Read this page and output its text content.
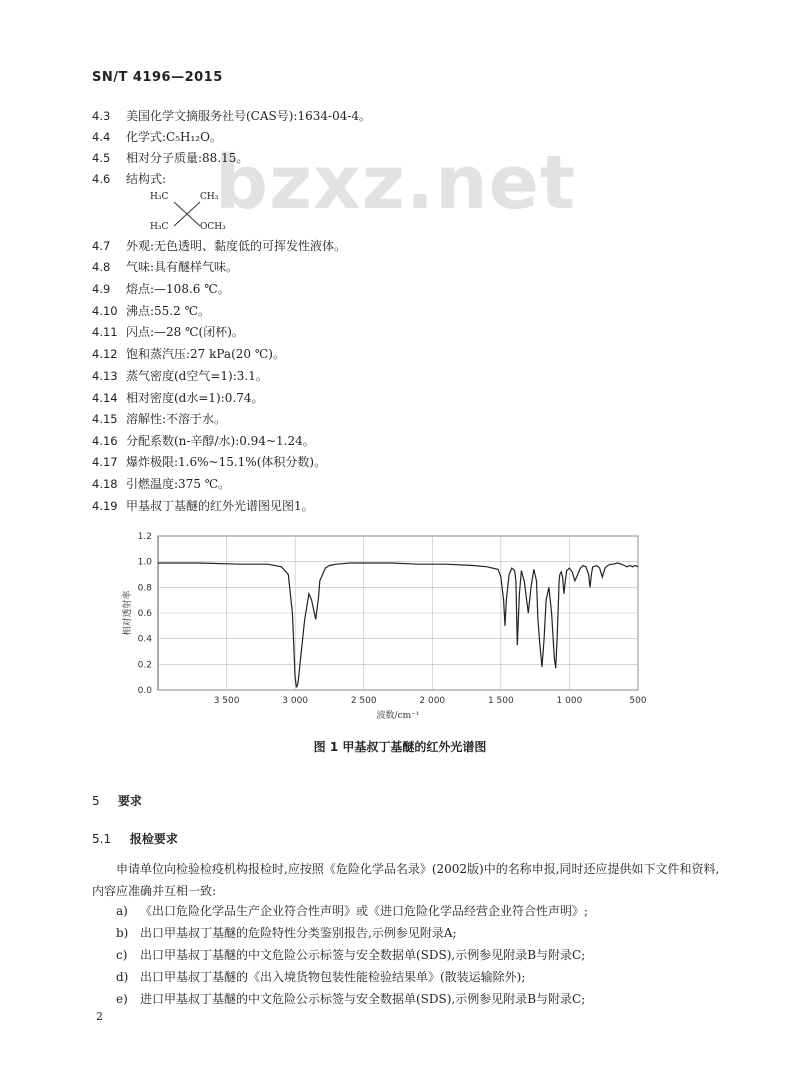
SN/T 4196—2015
bzxz.net
4.3 美国化学文摘服务社号(CAS号):1634-04-4。
4.4 化学式:C₅H₁₂O。
4.5 相对分子质量:88.15。
4.6 结构式:
4.7 外观:无色透明、黏度低的可挥发性液体。
4.8 气味:具有醚样气味。
4.9 熔点:—108.6 ℃。
4.10 沸点:55.2 ℃。
4.11 闪点:—28 ℃(闭杯)。
4.12 饱和蒸汽压:27 kPa(20 ℃)。
4.13 蒸气密度(d空气=1):3.1。
4.14 相对密度(d水=1):0.74。
4.15 溶解性:不溶于水。
4.16 分配系数(n-辛醇/水):0.94~1.24。
4.17 爆炸极限:1.6%~15.1%(体积分数)。
4.18 引燃温度:375 ℃。
4.19 甲基叔丁基醚的红外光谱图见图1。
H₃C	CH₃
H₃C	OCH₃
0.0
0.2
0.4
0.6
0.8
1.0
1.2
3 500	3 000	2 500	2 000	1 500	1 000	500
波数/cm⁻¹
相对透射率
图 1 甲基叔丁基醚的红外光谱图
5 要求
5.1 报检要求
申请单位向检验检疫机构报检时,应按照《危险化学品名录》(2002版)中的名称申报,同时还应提供如下文件和资料,内容应准确并互相一致:
a) 《出口危险化学品生产企业符合性声明》或《进口危险化学品经营企业符合性声明》;
b) 出口甲基叔丁基醚的危险特性分类鉴别报告,示例参见附录A;
c) 出口甲基叔丁基醚的中文危险公示标签与安全数据单(SDS),示例参见附录B与附录C;
d) 出口甲基叔丁基醚的《出入境货物包装性能检验结果单》(散装运输除外);
e) 进口甲基叔丁基醚的中文危险公示标签与安全数据单(SDS),示例参见附录B与附录C;
2
